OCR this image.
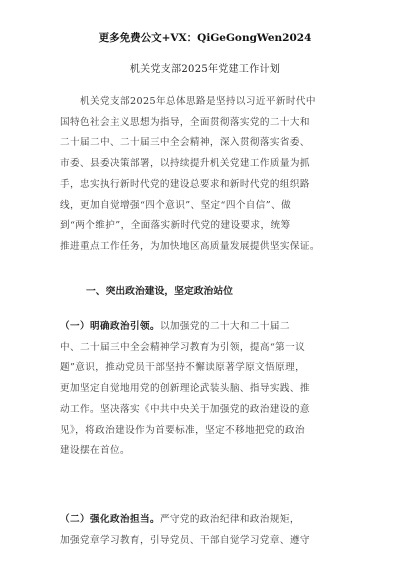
更多免费公文+VX：QiGeGongWen2024
机关党支部2025年党建工作计划

　　机关党支部2025年总体思路是坚持以习近平新时代中
国特色社会主义思想为指导，全面贯彻落实党的二十大和
二十届二中、二十届三中全会精神，深入贯彻落实省委、
市委、县委决策部署，以持续提升机关党建工作质量为抓
手，忠实执行新时代党的建设总要求和新时代党的组织路
线，更加自觉增强“四个意识”、坚定“四个自信”、做
到“两个维护”，全面落实新时代党的建设要求，统筹
推进重点工作任务，为加快地区高质量发展提供坚实保证。

一、突出政治建设，坚定政治站位

（一）明确政治引领。以加强党的二十大和二十届二
中、二十届三中全会精神学习教育为引领，提高“第一议
题”意识，推动党员干部坚持不懈读原著学原文悟原理，
更加坚定自觉地用党的创新理论武装头脑、指导实践、推
动工作。坚决落实《中共中央关于加强党的政治建设的意
见》，将政治建设作为首要标准，坚定不移地把党的政治
建设摆在首位。

（二）强化政治担当。严守党的政治纪律和政治规矩，
加强党章学习教育，引导党员、干部自觉学习党章、遵守
